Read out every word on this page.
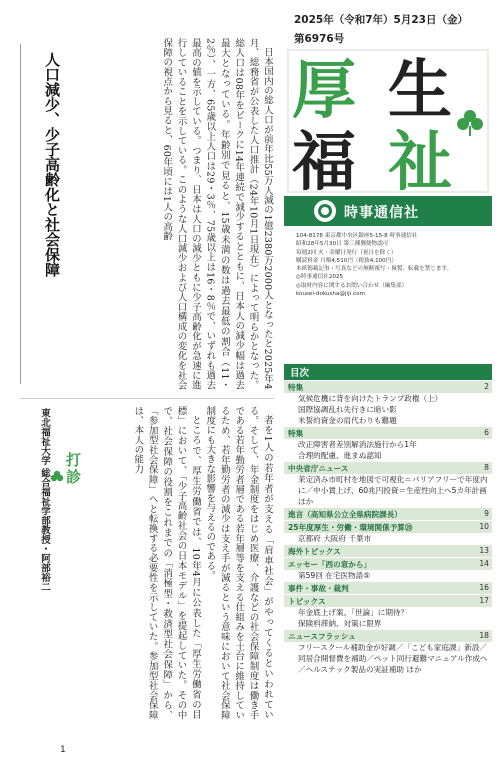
日本国内の総人口が前年比55万人減の1億2380万2000人となったと2025年4月、総務省が公表した人口推計（24年10月1日現在）によって明らかとなった。総人口は08年をピークに14年連続で減少するとともに、日本人の減少幅は過去最大となっている。年齢別で見ると、15歳未満の数は過去最低の割合（11・2％）、一方、65歳以上人口は29・3％、75歳以上は16・8％で、いずれも過去最高の値を示している。つまり、日本は人口の減少ともに少子高齢化が急速に進行していることを示している。このような人口減少および人口構成の変化を社会保障の視点から見ると、60年頃には1人の高齢

人口減少、少子高齢化と社会保障

者を1人の若年者が支える「肩車社会」がやってくるといわれている。そして、年金制度をはじめ医療、介護などの社会保障制度は働き手である若年勤労者層である若年層等を支える仕組みを土台に維持しているため、若年勤労者の減少は支え手が減るという意味において社会保障制度にも大きな影響を与えるのである。

ところで、厚生労働省では、10年4月に公表した「厚生労働省の目標」において、「少子高齢社会の日本モデル」を提起していた。その中で、社会保障の役割をこれまでの「消極型・救済型社会保障」から、「参加型社会保障」へと転換する必要性を示していた。参加型社会保障は、本人の能力

東北福祉大学 総合福祉学部教授・阿部裕二 打診
1
2025年（令和7年）5月23日（金）
第6976号
厚 生
福 祉
時事通信社
104-8178 東京都中央区銀座5-15-8 時事通信社
昭和28年5月30日 第三種郵便物認可
毎週2回 火・金曜日発行（祝日を除く）
購読料金 月額4,510円（税抜4,100円）
本紙掲載記事・写真などの無断複写・複製、転載を禁じます。
◎時事通信社2025
◎取材内容に関するお問い合わせ（編集部）
kousei-dokusha@jiji.com
目次
特集	2
気候危機に背を向けたトランプ政権（上）
国際協調乱れ先行きに暗い影
米誓約資金の肩代わりも難題
特集	6
改正障害者差別解消法施行から1年
合理的配慮、進まぬ認知
中央省庁ニュース	8
茉定済み市町村を地図で可視化＝バリアフリーで年度内に／中小賃上げ、60兆円投資＝生産性向上へ5カ年計画 ほか
進言（高知県公立全県病院課長）	9
25年度厚生・労働・環境関係予算⑳	10
京都府 大阪府 千葉市
海外トピックス	13
エッセー「西の窓から」	14
第59回 在宅医物語⑤
事件・事故・裁判	16
トピックス	17
年金底上げ案、「世論」に期待？
保険料滞納、対策に限界
ニュースフラッシュ	18
フリースクール補助金が好調／「こども家庭課」新設／同居合開督費を補助／ペット同行避難マニュアル作成へ／ヘルステック製品の実証補助 ほか
